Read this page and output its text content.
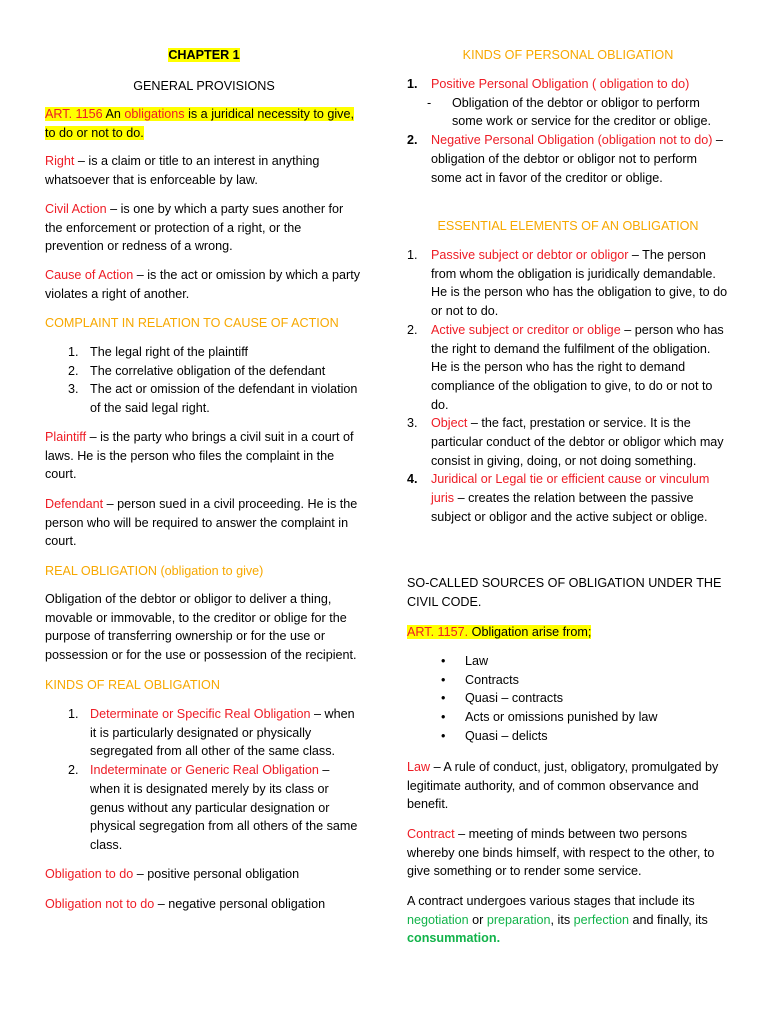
CHAPTER 1
GENERAL PROVISIONS
ART. 1156 An obligations is a juridical necessity to give, to do or not to do.

Right – is a claim or title to an interest in anything whatsoever that is enforceable by law.

Civil Action – is one by which a party sues another for the enforcement or protection of a right, or the prevention or redness of a wrong.

Cause of Action – is the act or omission by which a party violates a right of another.

COMPLAINT IN RELATION TO CAUSE OF ACTION
1. The legal right of the plaintiff
2. The correlative obligation of the defendant
3. The act or omission of the defendant in violation of the said legal right.

Plaintiff – is the party who brings a civil suit in a court of laws. He is the person who files the complaint in the court.

Defendant – person sued in a civil proceeding. He is the person who will be required to answer the complaint in court.

REAL OBLIGATION (obligation to give)

Obligation of the debtor or obligor to deliver a thing, movable or immovable, to the creditor or oblige for the purpose of transferring ownership or for the use or possession or for the use or possession of the recipient.

KINDS OF REAL OBLIGATION
1. Determinate or Specific Real Obligation – when it is particularly designated or physically segregated from all other of the same class.
2. Indeterminate or Generic Real Obligation – when it is designated merely by its class or genus without any particular designation or physical segregation from all others of the same class.

Obligation to do – positive personal obligation

Obligation not to do – negative personal obligation

KINDS OF PERSONAL OBLIGATION
1. Positive Personal Obligation ( obligation to do)
- Obligation of the debtor or obligor to perform some work or service for the creditor or oblige.
2. Negative Personal Obligation (obligation not to do) – obligation of the debtor or obligor not to perform some act in favor of the creditor or oblige.
ESSENTIAL ELEMENTS OF AN OBLIGATION
1. Passive subject or debtor or obligor – The person from whom the obligation is juridically demandable. He is the person who has the obligation to give, to do or not to do.
2. Active subject or creditor or oblige – person who has the right to demand the fulfilment of the obligation. He is the person who has the right to demand compliance of the obligation to give, to do or not to do.
3. Object – the fact, prestation or service. It is the particular conduct of the debtor or obligor which may consist in giving, doing, or not doing something.
4. Juridical or Legal tie or efficient cause or vinculum juris – creates the relation between the passive subject or obligor and the active subject or oblige.

SO-CALLED SOURCES OF OBLIGATION UNDER THE CIVIL CODE.

ART. 1157. Obligation arise from;
• Law
• Contracts
• Quasi – contracts
• Acts or omissions punished by law
• Quasi – delicts

Law – A rule of conduct, just, obligatory, promulgated by legitimate authority, and of common observance and benefit.

Contract – meeting of minds between two persons whereby one binds himself, with respect to the other, to give something or to render some service.

A contract undergoes various stages that include its negotiation or preparation, its perfection and finally, its consummation.
